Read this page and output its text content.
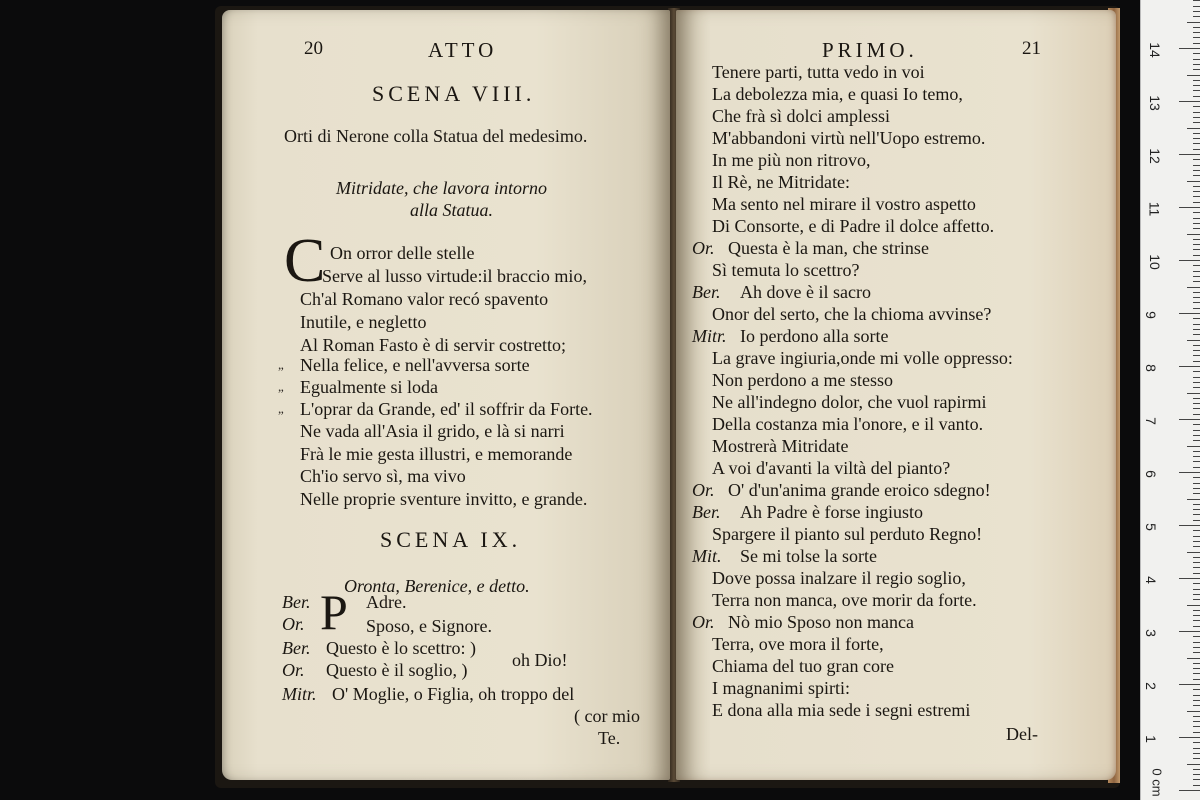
20	ATTO
SCENA VIII.
Orti di Nerone colla Statua del medesimo.
Mitridate, che lavora intorno
alla Statua.
C On orror delle stelle
Serve al lusso virtude:il braccio mio,
Ch'al Romano valor recó spavento
Inutile, e negletto
Al Roman Fasto è di servir costretto;
„ Nella felice, e nell'avversa sorte
„ Egualmente si loda
„ L'oprar da Grande, ed' il soffrir da Forte.
Ne vada all'Asia il grido, e là si narri
Frà le mie gesta illustri, e memorande
Ch'io servo sì, ma vivo
Nelle proprie sventure invitto, e grande.
SCENA IX.
Oronta, Berenice, e detto.
P
Ber.	Adre.
Or.	Sposo, e Signore.
Ber. Questo è lo scettro: )
Or. Questo è il soglio, ) oh Dio!
Mitr. O' Moglie, o Figlia, oh troppo del
( cor mio
Te.
PRIMO.	21
Tenere parti, tutta vedo in voi
La debolezza mia, e quasi Io temo,
Che frà sì dolci amplessi
M'abbandoni virtù nell'Uopo estremo.
In me più non ritrovo,
Il Rè, ne Mitridate:
Ma sento nel mirare il vostro aspetto
Di Consorte, e di Padre il dolce affetto.
Or. Questa è la man, che strinse
Sì temuta lo scettro?
Ber. Ah dove è il sacro
Onor del serto, che la chioma avvinse?
Mitr. Io perdono alla sorte
La grave ingiuria,onde mi volle oppresso:
Non perdono a me stesso
Ne all'indegno dolor, che vuol rapirmi
Della costanza mia l'onore, e il vanto.
Mostrerà Mitridate
A voi d'avanti la viltà del pianto?
Or. O' d'un'anima grande eroico sdegno!
Ber. Ah Padre è forse ingiusto
Spargere il pianto sul perduto Regno!
Mit. Se mi tolse la sorte
Dove possa inalzare il regio soglio,
Terra non manca, ove morir da forte.
Or. Nò mio Sposo non manca
Terra, ove mora il forte,
Chiama del tuo gran core
I magnanimi spirti:
E dona alla mia sede i segni estremi
Del-
14
13
12
11
10
9
8
7
6
5
4
3
2
1
0 cm
